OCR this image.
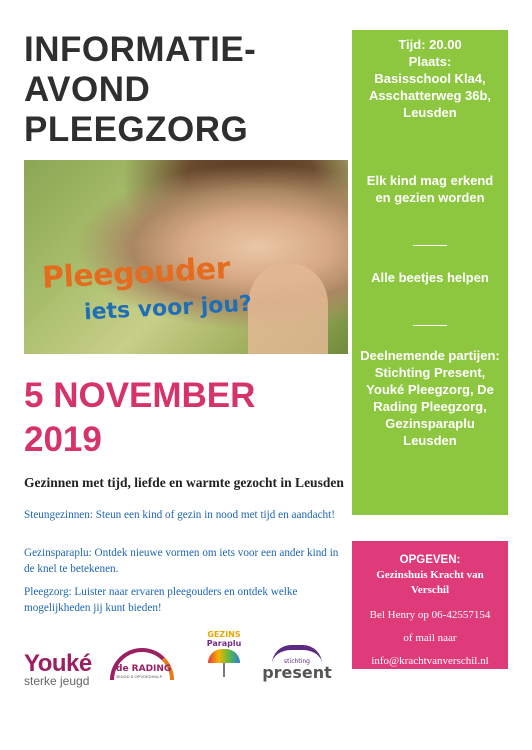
INFORMATIE-
AVOND
PLEEGZORG
Pleegouder
iets voor jou?
5 NOVEMBER
2019
Gezinnen met tijd, liefde en warmte gezocht in Leusden
Steungezinnen: Steun een kind of gezin in nood met tijd en aandacht!
Gezinsparaplu: Ontdek nieuwe vormen om iets voor een ander kind in de knel te betekenen.
Pleegzorg: Luister naar ervaren pleegouders en ontdek welke mogelijkheden jij kunt bieden!
Tijd: 20.00
Plaats:
Basisschool Kla4, Asschatterweg 36b, Leusden
Elk kind mag erkend en gezien worden
Alle beetjes helpen
Deelnemende partijen: Stichting Present, Youké Pleegzorg, De Rading Pleegzorg, Gezinsparaplu Leusden
OPGEVEN:
Gezinshuis Kracht van Verschil
Bel Henry op 06-42557154
of mail naar
info@krachtvanverschil.nl
Youké
sterke jeugd
de RADING
JEUGD & OPVOEDHULP
GEZINS
Paraplu
stichting
present
